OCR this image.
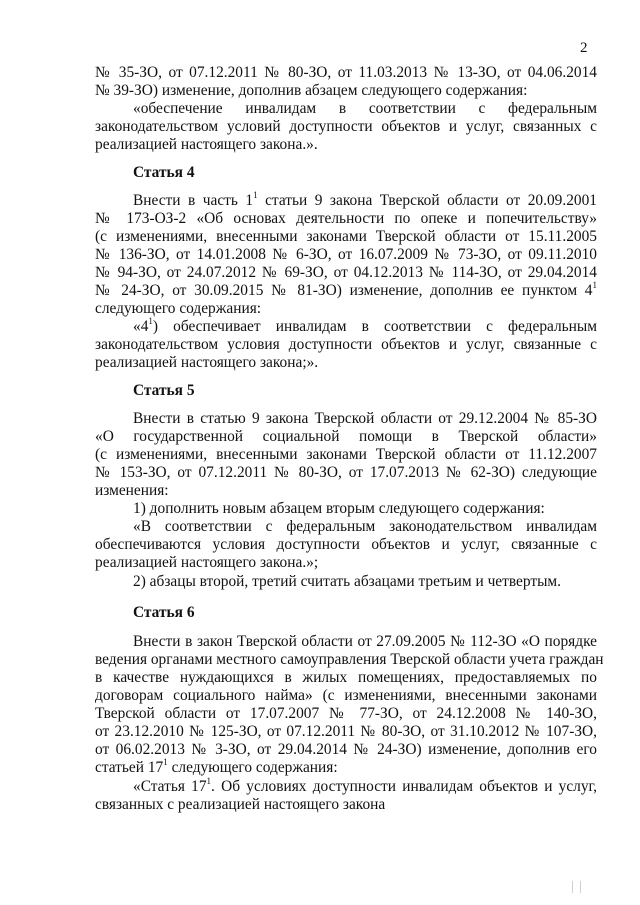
2
№ 35-ЗО, от 07.12.2011 № 80-ЗО, от 11.03.2013 № 13-ЗО, от 04.06.2014
№ 39-ЗО) изменение, дополнив абзацем следующего содержания:
«обеспечение инвалидам в соответствии с федеральным
законодательством условий доступности объектов и услуг, связанных с
реализацией настоящего закона.».
Статья 4
Внести в часть $1^1$ статьи 9 закона Тверской области от 20.09.2001
№ 173-ОЗ-2 «Об основах деятельности по опеке и попечительству»
(с изменениями, внесенными законами Тверской области от 15.11.2005
№ 136-ЗО, от 14.01.2008 № 6-ЗО, от 16.07.2009 № 73-ЗО, от 09.11.2010
№ 94-ЗО, от 24.07.2012 № 69-ЗО, от 04.12.2013 № 114-ЗО, от 29.04.2014
№ 24-ЗО, от 30.09.2015 № 81-ЗО) изменение, дополнив ее пунктом $4^1$
следующего содержания:
«$4^1$) обеспечивает инвалидам в соответствии с федеральным
законодательством условия доступности объектов и услуг, связанные с
реализацией настоящего закона;».
Статья 5
Внести в статью 9 закона Тверской области от 29.12.2004 № 85-ЗО
«О государственной социальной помощи в Тверской области»
(с изменениями, внесенными законами Тверской области от 11.12.2007
№ 153-ЗО, от 07.12.2011 № 80-ЗО, от 17.07.2013 № 62-ЗО) следующие
изменения:
1) дополнить новым абзацем вторым следующего содержания:
«В соответствии с федеральным законодательством инвалидам
обеспечиваются условия доступности объектов и услуг, связанные с
реализацией настоящего закона.»;
2) абзацы второй, третий считать абзацами третьим и четвертым.
Статья 6
Внести в закон Тверской области от 27.09.2005 № 112-ЗО «О порядке
ведения органами местного самоуправления Тверской области учета граждан
в качестве нуждающихся в жилых помещениях, предоставляемых по
договорам социального найма» (с изменениями, внесенными законами
Тверской области от 17.07.2007 № 77-ЗО, от 24.12.2008 № 140-ЗО,
от 23.12.2010 № 125-ЗО, от 07.12.2011 № 80-ЗО, от 31.10.2012 № 107-ЗО,
от 06.02.2013 № 3-ЗО, от 29.04.2014 № 24-ЗО) изменение, дополнив его
статьей $17^1$ следующего содержания:
«Статья $17^1$. Об условиях доступности инвалидам объектов и услуг,
связанных с реализацией настоящего закона
